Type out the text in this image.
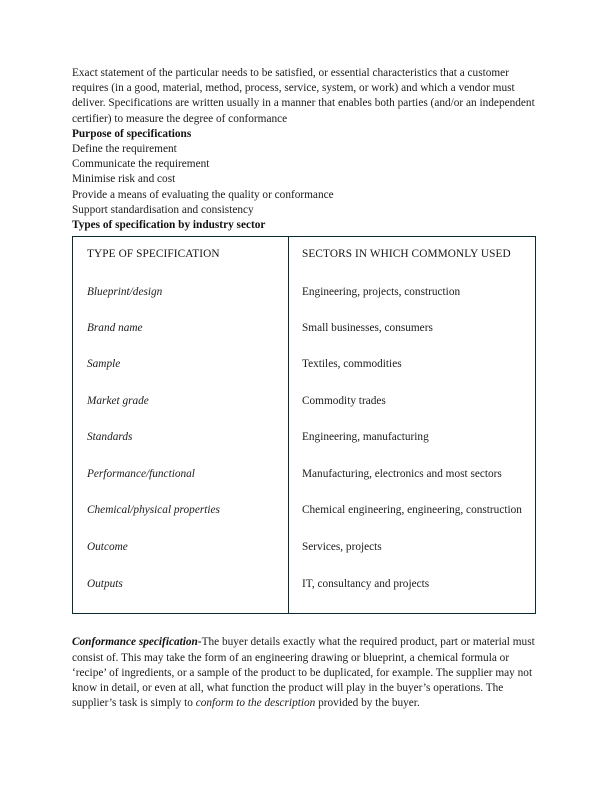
Exact statement of the particular needs to be satisfied, or essential characteristics that a customer requires (in a good, material, method, process, service, system, or work) and which a vendor must deliver. Specifications are written usually in a manner that enables both parties (and/or an independent certifier) to measure the degree of conformance

Purpose of specifications

Define the requirement

Communicate the requirement

Minimise risk and cost

Provide a means of evaluating the quality or conformance

Support standardisation and consistency

Types of specification by industry sector

TYPE OF SPECIFICATION	SECTORS IN WHICH COMMONLY USED

Blueprint/design	Engineering, projects, construction

Brand name	Small businesses, consumers

Sample	Textiles, commodities

Market grade	Commodity trades

Standards	Engineering, manufacturing

Performance/functional	Manufacturing, electronics and most sectors

Chemical/physical properties	Chemical engineering, engineering, construction

Outcome	Services, projects

Outputs	IT, consultancy and projects

Conformance specification-The buyer details exactly what the required product, part or material must consist of. This may take the form of an engineering drawing or blueprint, a chemical formula or ‘recipe’ of ingredients, or a sample of the product to be duplicated, for example. The supplier may not know in detail, or even at all, what function the product will play in the buyer’s operations. The supplier’s task is simply to conform to the description provided by the buyer.
